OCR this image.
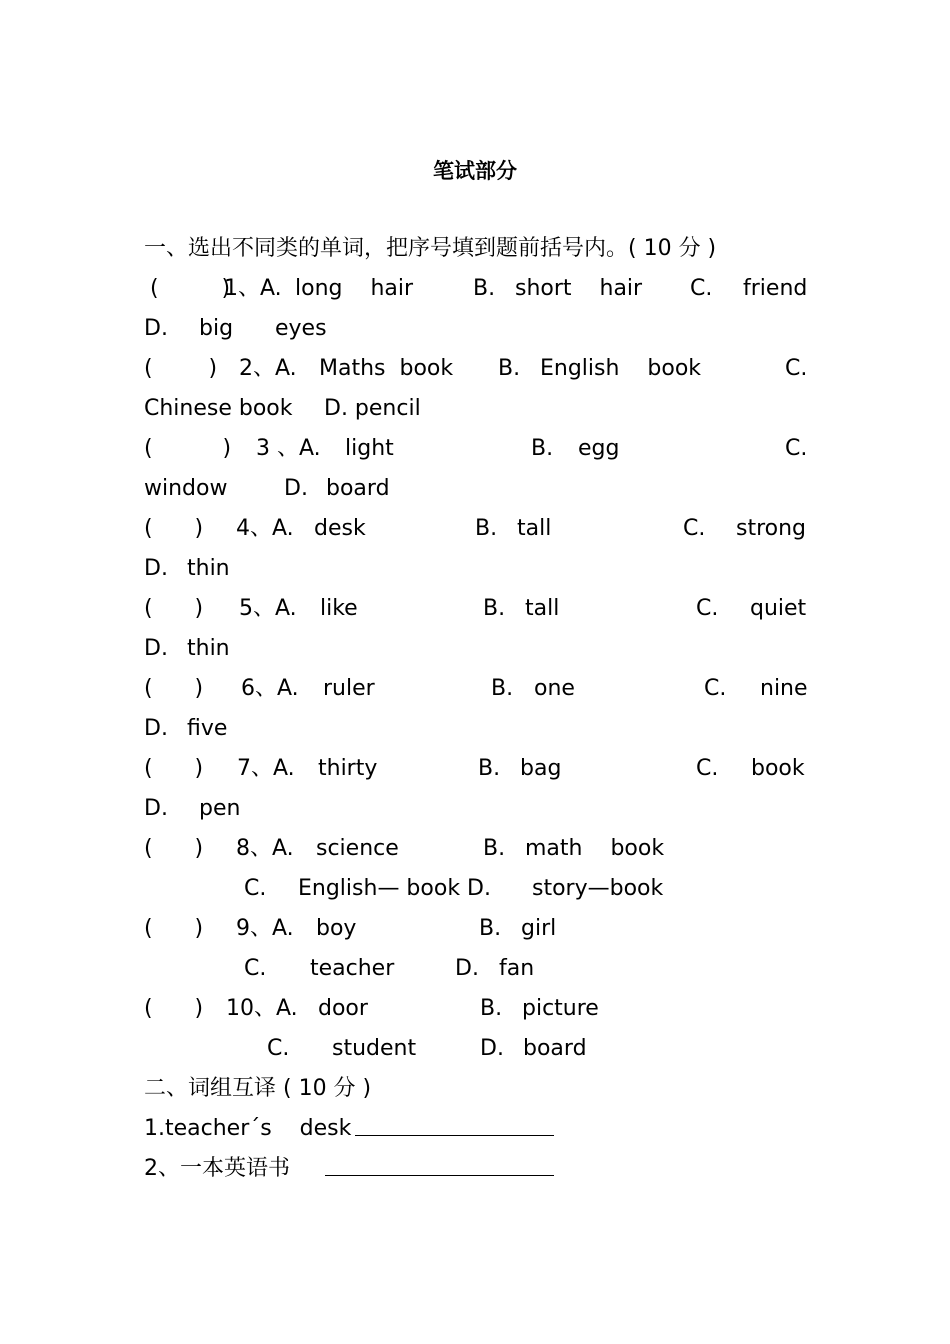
笔试部分
一、选出不同类的单词，把序号填到题前括号内。( 10 分 )
(         )
1、A. long    hair	B. short    hair C. friend
D. big      eyes
(        ) 2、A. Maths  book B. English    book	C.
Chinese book D. pencil
(          ) 3 、A. light	B. egg	C.
window	D. board
(      ) 4、A. desk	B. tall	C. strong
D. thin
(      ) 5、A. like	B. tall	C. quiet
D. thin
(      ) 6、A. ruler	B. one	C. nine
D. five
(      ) 7、A. thirty	B. bag	C. book
D. pen
(      ) 8、A. science	B. math    book
C. English— book D. story—book
(      ) 9、A. boy	B. girl
C. teacher	D. fan
(      ) 10、A. door	B. picture
C. student	D. board
二、词组互译 ( 10 分 )
1.teacher´s    desk
2、一本英语书
